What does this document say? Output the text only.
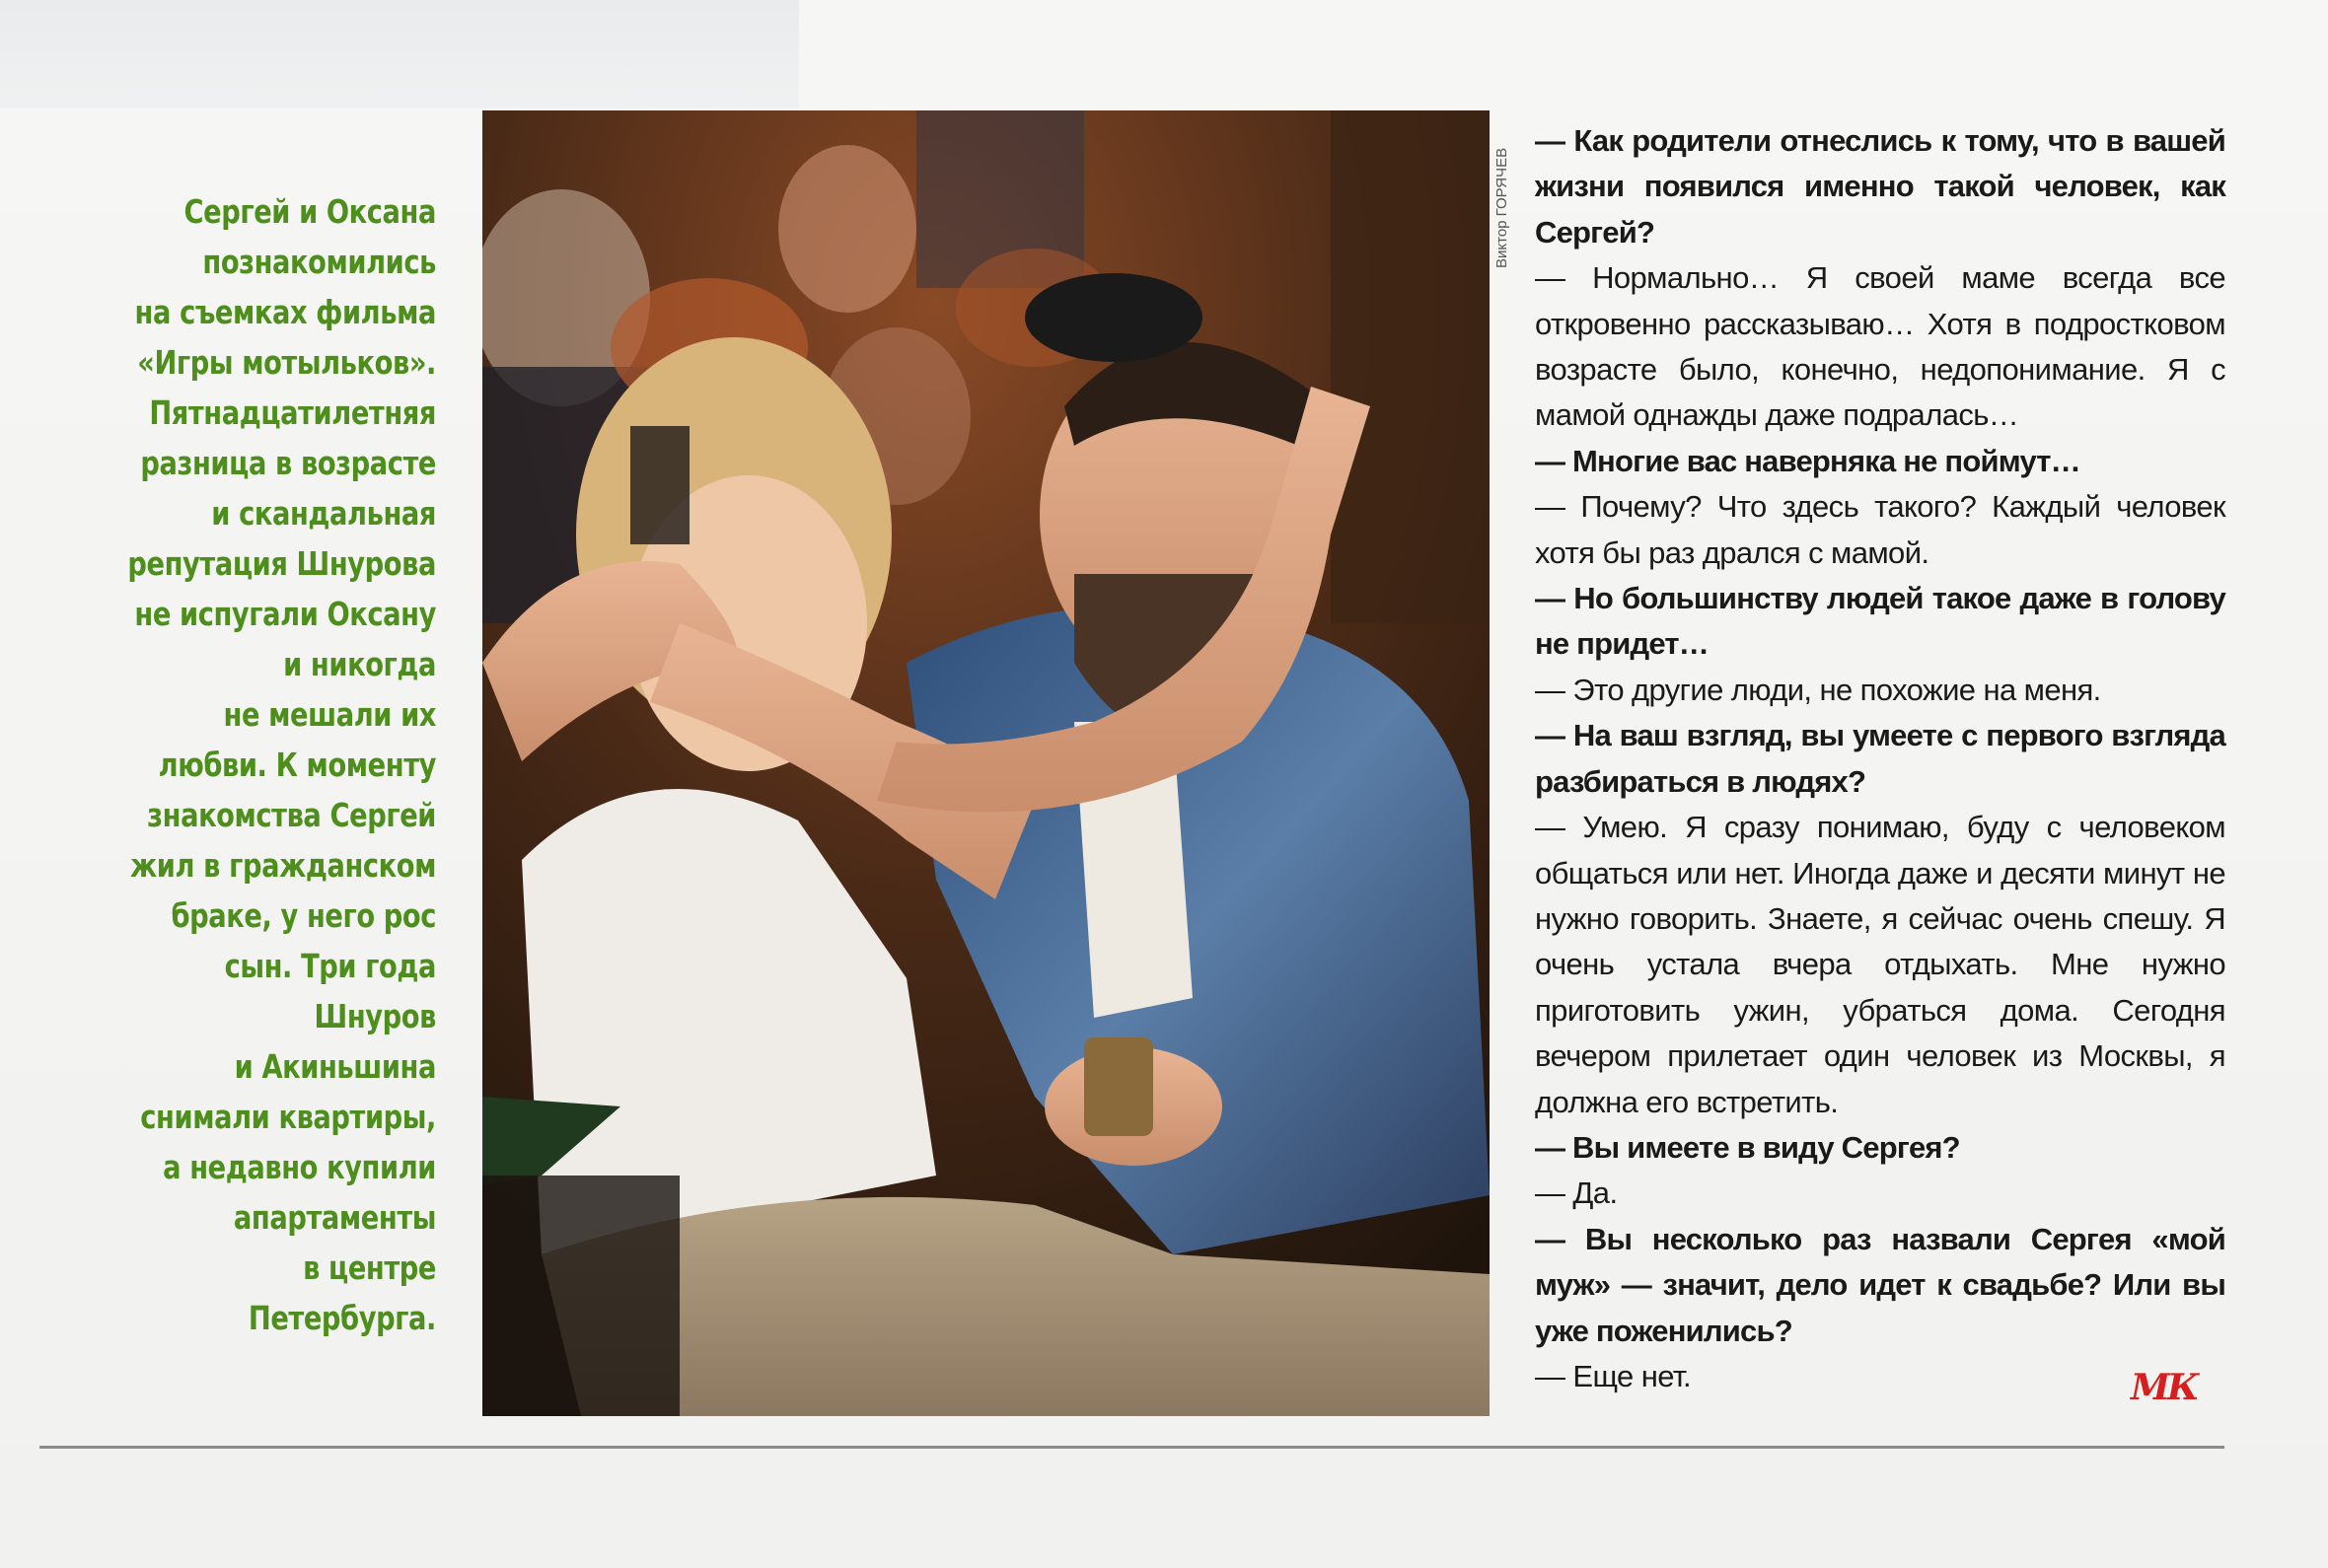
Сергей и Оксана
познакомились
на съемках фильма
«Игры мотыльков».
Пятнадцатилетняя
разница в возрасте
и скандальная
репутация Шнурова
не испугали Оксану
и никогда
не мешали их
любви. К моменту
знакомства Сергей
жил в гражданском
браке, у него рос
сын. Три года
Шнуров
и Акиньшина
снимали квартиры,
а недавно купили
апартаменты
в центре
Петербурга.
Виктор ГОРЯЧЕВ

— Как родители отнеслись к тому, что в вашей жизни появился именно такой человек, как Сергей?

— Нормально… Я своей маме всегда все откровенно рассказываю… Хотя в подростковом возрасте было, конечно, недопонимание. Я с мамой однажды даже подралась…

— Многие вас наверняка не поймут…

— Почему? Что здесь такого? Каждый человек хотя бы раз дрался с мамой.

— Но большинству людей такое даже в голову не придет…

— Это другие люди, не похожие на меня.

— На ваш взгляд, вы умеете с первого взгляда разбираться в людях?

— Умею. Я сразу понимаю, буду с человеком общаться или нет. Иногда даже и десяти минут не нужно говорить. Знаете, я сейчас очень спешу. Я очень устала вчера отдыхать. Мне нужно приготовить ужин, убраться дома. Сегодня вечером прилетает один человек из Москвы, я должна его встретить.

— Вы имеете в виду Сергея?

— Да.

— Вы несколько раз назвали Сергея «мой муж» — значит, дело идет к свадьбе? Или вы уже поженились?

— Еще нет.	МК
